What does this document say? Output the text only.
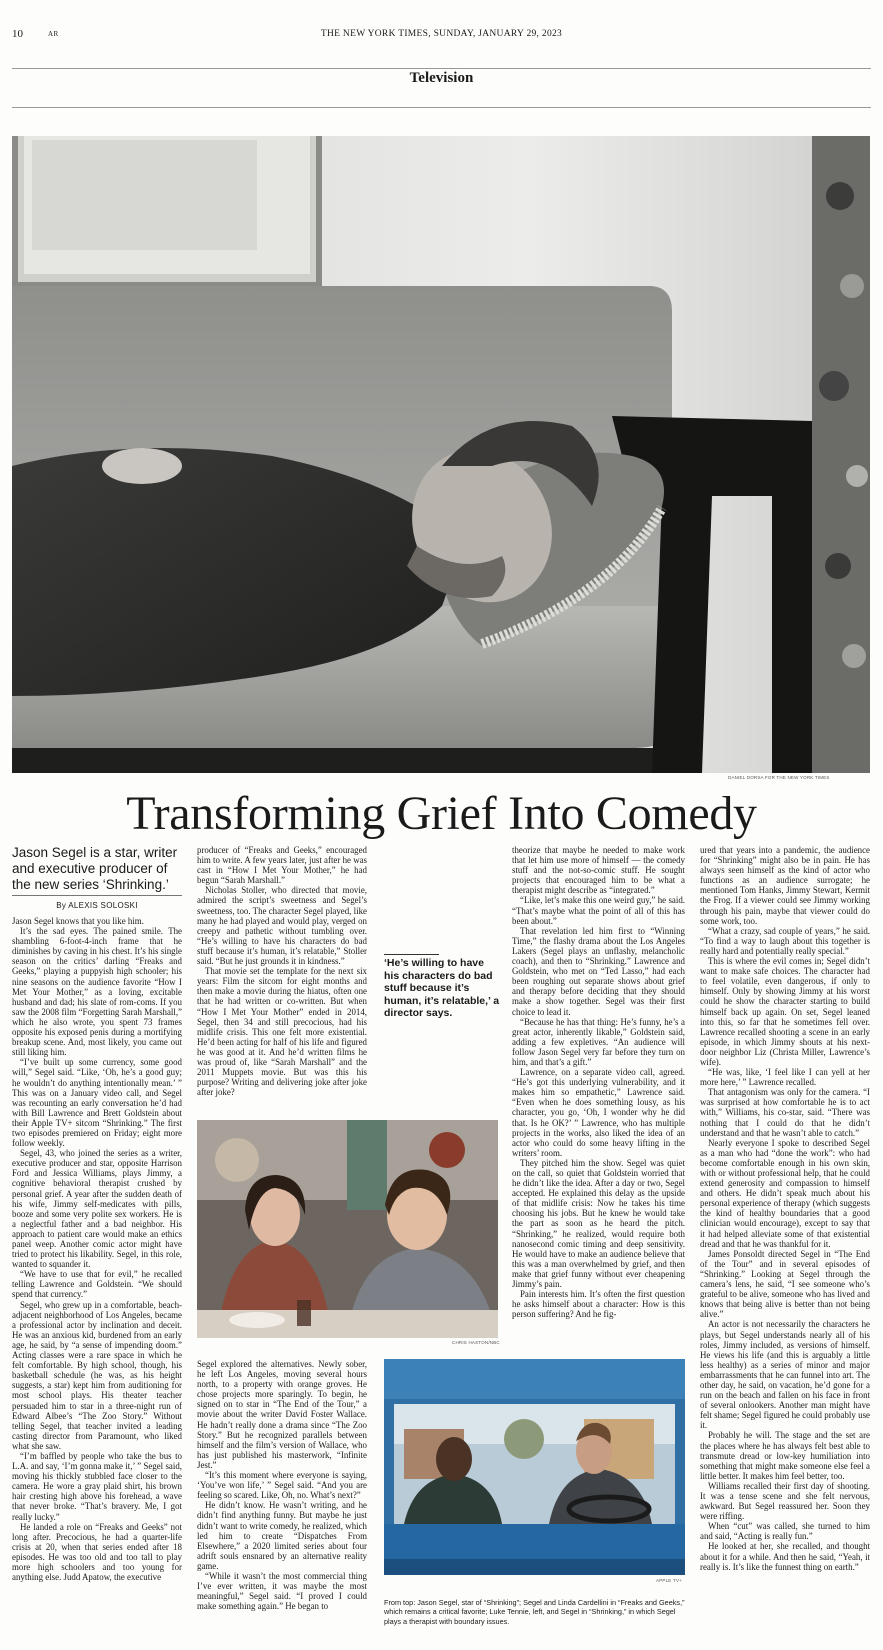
10	AR	THE NEW YORK TIMES, SUNDAY, JANUARY 29, 2023
Television
DANIEL DORSA FOR THE NEW YORK TIMES
Transforming Grief Into Comedy
Jason Segel is a star, writer and executive producer of the new series ‘Shrinking.’
By ALEXIS SOLOSKI

Jason Segel knows that you like him.

It’s the sad eyes. The pained smile. The shambling 6-foot-4-inch frame that he diminishes by caving in his chest. It’s his single season on the critics’ darling “Freaks and Geeks,” playing a puppyish high schooler; his nine seasons on the audience favorite “How I Met Your Mother,” as a loving, excitable husband and dad; his slate of rom-coms. If you saw the 2008 film “Forgetting Sarah Marshall,” which he also wrote, you spent 73 frames opposite his exposed penis during a mortifying breakup scene. And, most likely, you came out still liking him.

“I’ve built up some currency, some good will,” Segel said. “Like, ‘Oh, he’s a good guy; he wouldn’t do anything intentionally mean.’ ” This was on a January video call, and Segel was recounting an early conversation he’d had with Bill Lawrence and Brett Goldstein about their Apple TV+ sitcom “Shrinking.” The first two episodes premiered on Friday; eight more follow weekly.

Segel, 43, who joined the series as a writer, executive producer and star, opposite Harrison Ford and Jessica Williams, plays Jimmy, a cognitive behavioral therapist crushed by personal grief. A year after the sudden death of his wife, Jimmy self-medicates with pills, booze and some very polite sex workers. He is a neglectful father and a bad neighbor. His approach to patient care would make an ethics panel weep. Another comic actor might have tried to protect his likability. Segel, in this role, wanted to squander it.

“We have to use that for evil,” he recalled telling Lawrence and Goldstein. “We should spend that currency.”

Segel, who grew up in a comfortable, beach-adjacent neighborhood of Los Angeles, became a professional actor by inclination and deceit. He was an anxious kid, burdened from an early age, he said, by “a sense of impending doom.” Acting classes were a rare space in which he felt comfortable. By high school, though, his basketball schedule (he was, as his height suggests, a star) kept him from auditioning for most school plays. His theater teacher persuaded him to star in a three-night run of Edward Albee’s “The Zoo Story.” Without telling Segel, that teacher invited a leading casting director from Paramount, who liked what she saw.

“I’m baffled by people who take the bus to L.A. and say, ‘I’m gonna make it,’ ” Segel said, moving his thickly stubbled face closer to the camera. He wore a gray plaid shirt, his brown hair cresting high above his forehead, a wave that never broke. “That’s bravery. Me, I got really lucky.”

He landed a role on “Freaks and Geeks” not long after. Precocious, he had a quarter-life crisis at 20, when that series ended after 18 episodes. He was too old and too tall to play more high schoolers and too young for anything else. Judd Apatow, the executive

producer of “Freaks and Geeks,” encouraged him to write. A few years later, just after he was cast in “How I Met Your Mother,” he had begun “Sarah Marshall.”

Nicholas Stoller, who directed that movie, admired the script’s sweetness and Segel’s sweetness, too. The character Segel played, like many he had played and would play, verged on creepy and pathetic without tumbling over. “He’s willing to have his characters do bad stuff because it’s human, it’s relatable,” Stoller said. “But he just grounds it in kindness.”

That movie set the template for the next six years: Film the sitcom for eight months and then make a movie during the hiatus, often one that he had written or co-written. But when “How I Met Your Mother” ended in 2014, Segel, then 34 and still precocious, had his midlife crisis. This one felt more existential. He’d been acting for half of his life and figured he was good at it. And he’d written films he was proud of, like “Sarah Marshall” and the 2011 Muppets movie. But was this his purpose? Writing and delivering joke after joke after joke?

‘He’s willing to have his characters do bad stuff because it’s human, it’s relatable,’ a director says.
CHRIS HASTON/NBC

Segel explored the alternatives. Newly sober, he left Los Angeles, moving several hours north, to a property with orange groves. He chose projects more sparingly. To begin, he signed on to star in “The End of the Tour,” a movie about the writer David Foster Wallace. He hadn’t really done a drama since “The Zoo Story.” But he recognized parallels between himself and the film’s version of Wallace, who has just published his masterwork, “Infinite Jest.”

“It’s this moment where everyone is saying, ‘You’ve won life,’ ” Segel said. “And you are feeling so scared. Like, Oh, no. What’s next?”

He didn’t know. He wasn’t writing, and he didn’t find anything funny. But maybe he just didn’t want to write comedy, he realized, which led him to create “Dispatches From Elsewhere,” a 2020 limited series about four adrift souls ensnared by an alternative reality game.

“While it wasn’t the most commercial thing I’ve ever written, it was maybe the most meaningful,” Segel said. “I proved I could make something again.” He began to

theorize that maybe he needed to make work that let him use more of himself — the comedy stuff and the not-so-comic stuff. He sought projects that encouraged him to be what a therapist might describe as “integrated.”

“Like, let’s make this one weird guy,” he said. “That’s maybe what the point of all of this has been about.”

That revelation led him first to “Winning Time,” the flashy drama about the Los Angeles Lakers (Segel plays an unflashy, melancholic coach), and then to “Shrinking.” Lawrence and Goldstein, who met on “Ted Lasso,” had each been roughing out separate shows about grief and therapy before deciding that they should make a show together. Segel was their first choice to lead it.

“Because he has that thing: He’s funny, he’s a great actor, inherently likable,” Goldstein said, adding a few expletives. “An audience will follow Jason Segel very far before they turn on him, and that’s a gift.”

Lawrence, on a separate video call, agreed. “He’s got this underlying vulnerability, and it makes him so empathetic,” Lawrence said. “Even when he does something lousy, as his character, you go, ‘Oh, I wonder why he did that. Is he OK?’ ” Lawrence, who has multiple projects in the works, also liked the idea of an actor who could do some heavy lifting in the writers’ room.

They pitched him the show. Segel was quiet on the call, so quiet that Goldstein worried that he didn’t like the idea. After a day or two, Segel accepted. He explained this delay as the upside of that midlife crisis: Now he takes his time choosing his jobs. But he knew he would take the part as soon as he heard the pitch. “Shrinking,” he realized, would require both nanosecond comic timing and deep sensitivity. He would have to make an audience believe that this was a man overwhelmed by grief, and then make that grief funny without ever cheapening Jimmy’s pain.

Pain interests him. It’s often the first question he asks himself about a character: How is this person suffering? And he fig-

ured that years into a pandemic, the audience for “Shrinking” might also be in pain. He has always seen himself as the kind of actor who functions as an audience surrogate; he mentioned Tom Hanks, Jimmy Stewart, Kermit the Frog. If a viewer could see Jimmy working through his pain, maybe that viewer could do some work, too.

“What a crazy, sad couple of years,” he said. “To find a way to laugh about this together is really hard and potentially really special.”

This is where the evil comes in; Segel didn’t want to make safe choices. The character had to feel volatile, even dangerous, if only to himself. Only by showing Jimmy at his worst could he show the character starting to build himself back up again. On set, Segel leaned into this, so far that he sometimes fell over. Lawrence recalled shooting a scene in an early episode, in which Jimmy shouts at his next-door neighbor Liz (Christa Miller, Lawrence’s wife).

“He was, like, ‘I feel like I can yell at her more here,’ ” Lawrence recalled.

That antagonism was only for the camera. “I was surprised at how comfortable he is to act with,” Williams, his co-star, said. “There was nothing that I could do that he didn’t understand and that he wasn’t able to catch.”

Nearly everyone I spoke to described Segel as a man who had “done the work”: who had become comfortable enough in his own skin, with or without professional help, that he could extend generosity and compassion to himself and others. He didn’t speak much about his personal experience of therapy (which suggests the kind of healthy boundaries that a good clinician would encourage), except to say that it had helped alleviate some of that existential dread and that he was thankful for it.

James Ponsoldt directed Segel in “The End of the Tour” and in several episodes of “Shrinking.” Looking at Segel through the camera’s lens, he said, “I see someone who’s grateful to be alive, someone who has lived and knows that being alive is better than not being alive.”

An actor is not necessarily the characters he plays, but Segel understands nearly all of his roles, Jimmy included, as versions of himself. He views his life (and this is arguably a little less healthy) as a series of minor and major embarrassments that he can funnel into art. The other day, he said, on vacation, he’d gone for a run on the beach and fallen on his face in front of several onlookers. Another man might have felt shame; Segel figured he could probably use it.

Probably he will. The stage and the set are the places where he has always felt best able to transmute dread or low-key humiliation into something that might make someone else feel a little better. It makes him feel better, too.

Williams recalled their first day of shooting. It was a tense scene and she felt nervous, awkward. But Segel reassured her. Soon they were riffing.

When “cut” was called, she turned to him and said, “Acting is really fun.”

He looked at her, she recalled, and thought about it for a while. And then he said, “Yeah, it really is. It’s like the funnest thing on earth.”

APPLE TV+
From top: Jason Segel, star of “Shrinking”; Segel and Linda Cardellini in “Freaks and Geeks,” which remains a critical favorite; Luke Tennie, left, and Segel in “Shrinking,” in which Segel plays a therapist with boundary issues.
